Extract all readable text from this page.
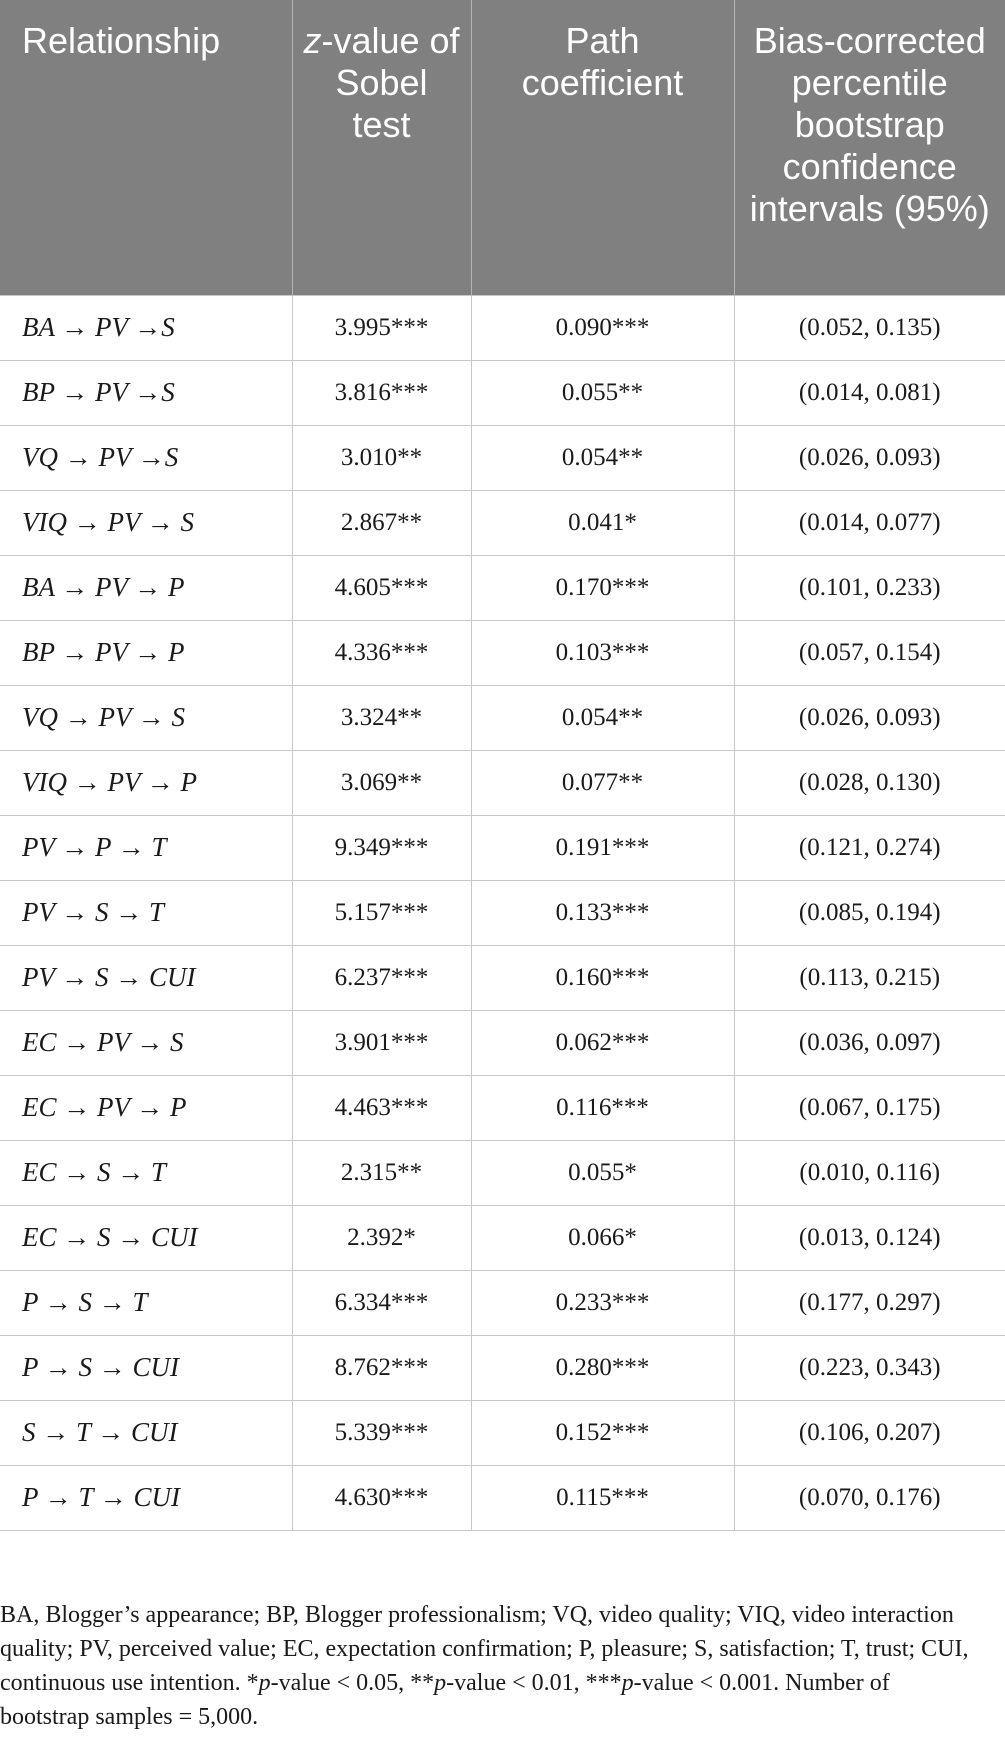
Relationship	z-value of Sobel test	Path coefficient	Bias-corrected percentile bootstrap confidence intervals (95%)
BA → PV →S	3.995***	0.090***	(0.052, 0.135)
BP → PV →S	3.816***	0.055**	(0.014, 0.081)
VQ → PV →S	3.010**	0.054**	(0.026, 0.093)
VIQ → PV → S	2.867**	0.041*	(0.014, 0.077)
BA → PV → P	4.605***	0.170***	(0.101, 0.233)
BP → PV → P	4.336***	0.103***	(0.057, 0.154)
VQ → PV → S	3.324**	0.054**	(0.026, 0.093)
VIQ → PV → P	3.069**	0.077**	(0.028, 0.130)
PV → P → T	9.349***	0.191***	(0.121, 0.274)
PV → S → T	5.157***	0.133***	(0.085, 0.194)
PV → S → CUI	6.237***	0.160***	(0.113, 0.215)
EC → PV → S	3.901***	0.062***	(0.036, 0.097)
EC → PV → P	4.463***	0.116***	(0.067, 0.175)
EC → S → T	2.315**	0.055*	(0.010, 0.116)
EC → S → CUI	2.392*	0.066*	(0.013, 0.124)
P → S → T	6.334***	0.233***	(0.177, 0.297)
P → S → CUI	8.762***	0.280***	(0.223, 0.343)
S → T → CUI	5.339***	0.152***	(0.106, 0.207)
P → T → CUI	4.630***	0.115***	(0.070, 0.176)

BA, Blogger’s appearance; BP, Blogger professionalism; VQ, video quality; VIQ, video interaction quality; PV, perceived value; EC, expectation confirmation; P, pleasure; S, satisfaction; T, trust; CUI, continuous use intention. *p-value < 0.05, **p-value < 0.01, ***p-value < 0.001. Number of bootstrap samples = 5,000.
